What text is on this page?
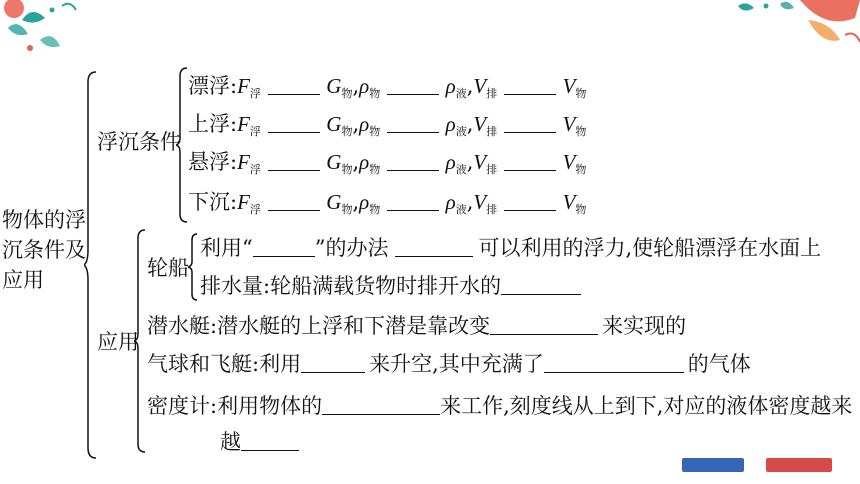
物体的浮
沉条件及
应用
浮沉条件
漂浮$:F_浮$	$G_物,\rho_物$	$\rho_液,V_排$	$V_物$
上浮$:F_浮$	$G_物,\rho_物$	$\rho_液,V_排$	$V_物$
悬浮$:F_浮$	$G_物,\rho_物$	$\rho_液,V_排$	$V_物$
下沉$:F_浮$	$G_物,\rho_物$	$\rho_液,V_排$	$V_物$
应用
轮船
利用“	”的办法	可以利用的浮力,使轮船漂浮在水面上
排水量:轮船满载货物时排开水的
潜水艇:潜水艇的上浮和下潜是靠改变	来实现的
气球和飞艇:利用	来升空,其中充满了	的气体
密度计:利用物体的	来工作,刻度线从上到下,对应的液体密度越来
越
